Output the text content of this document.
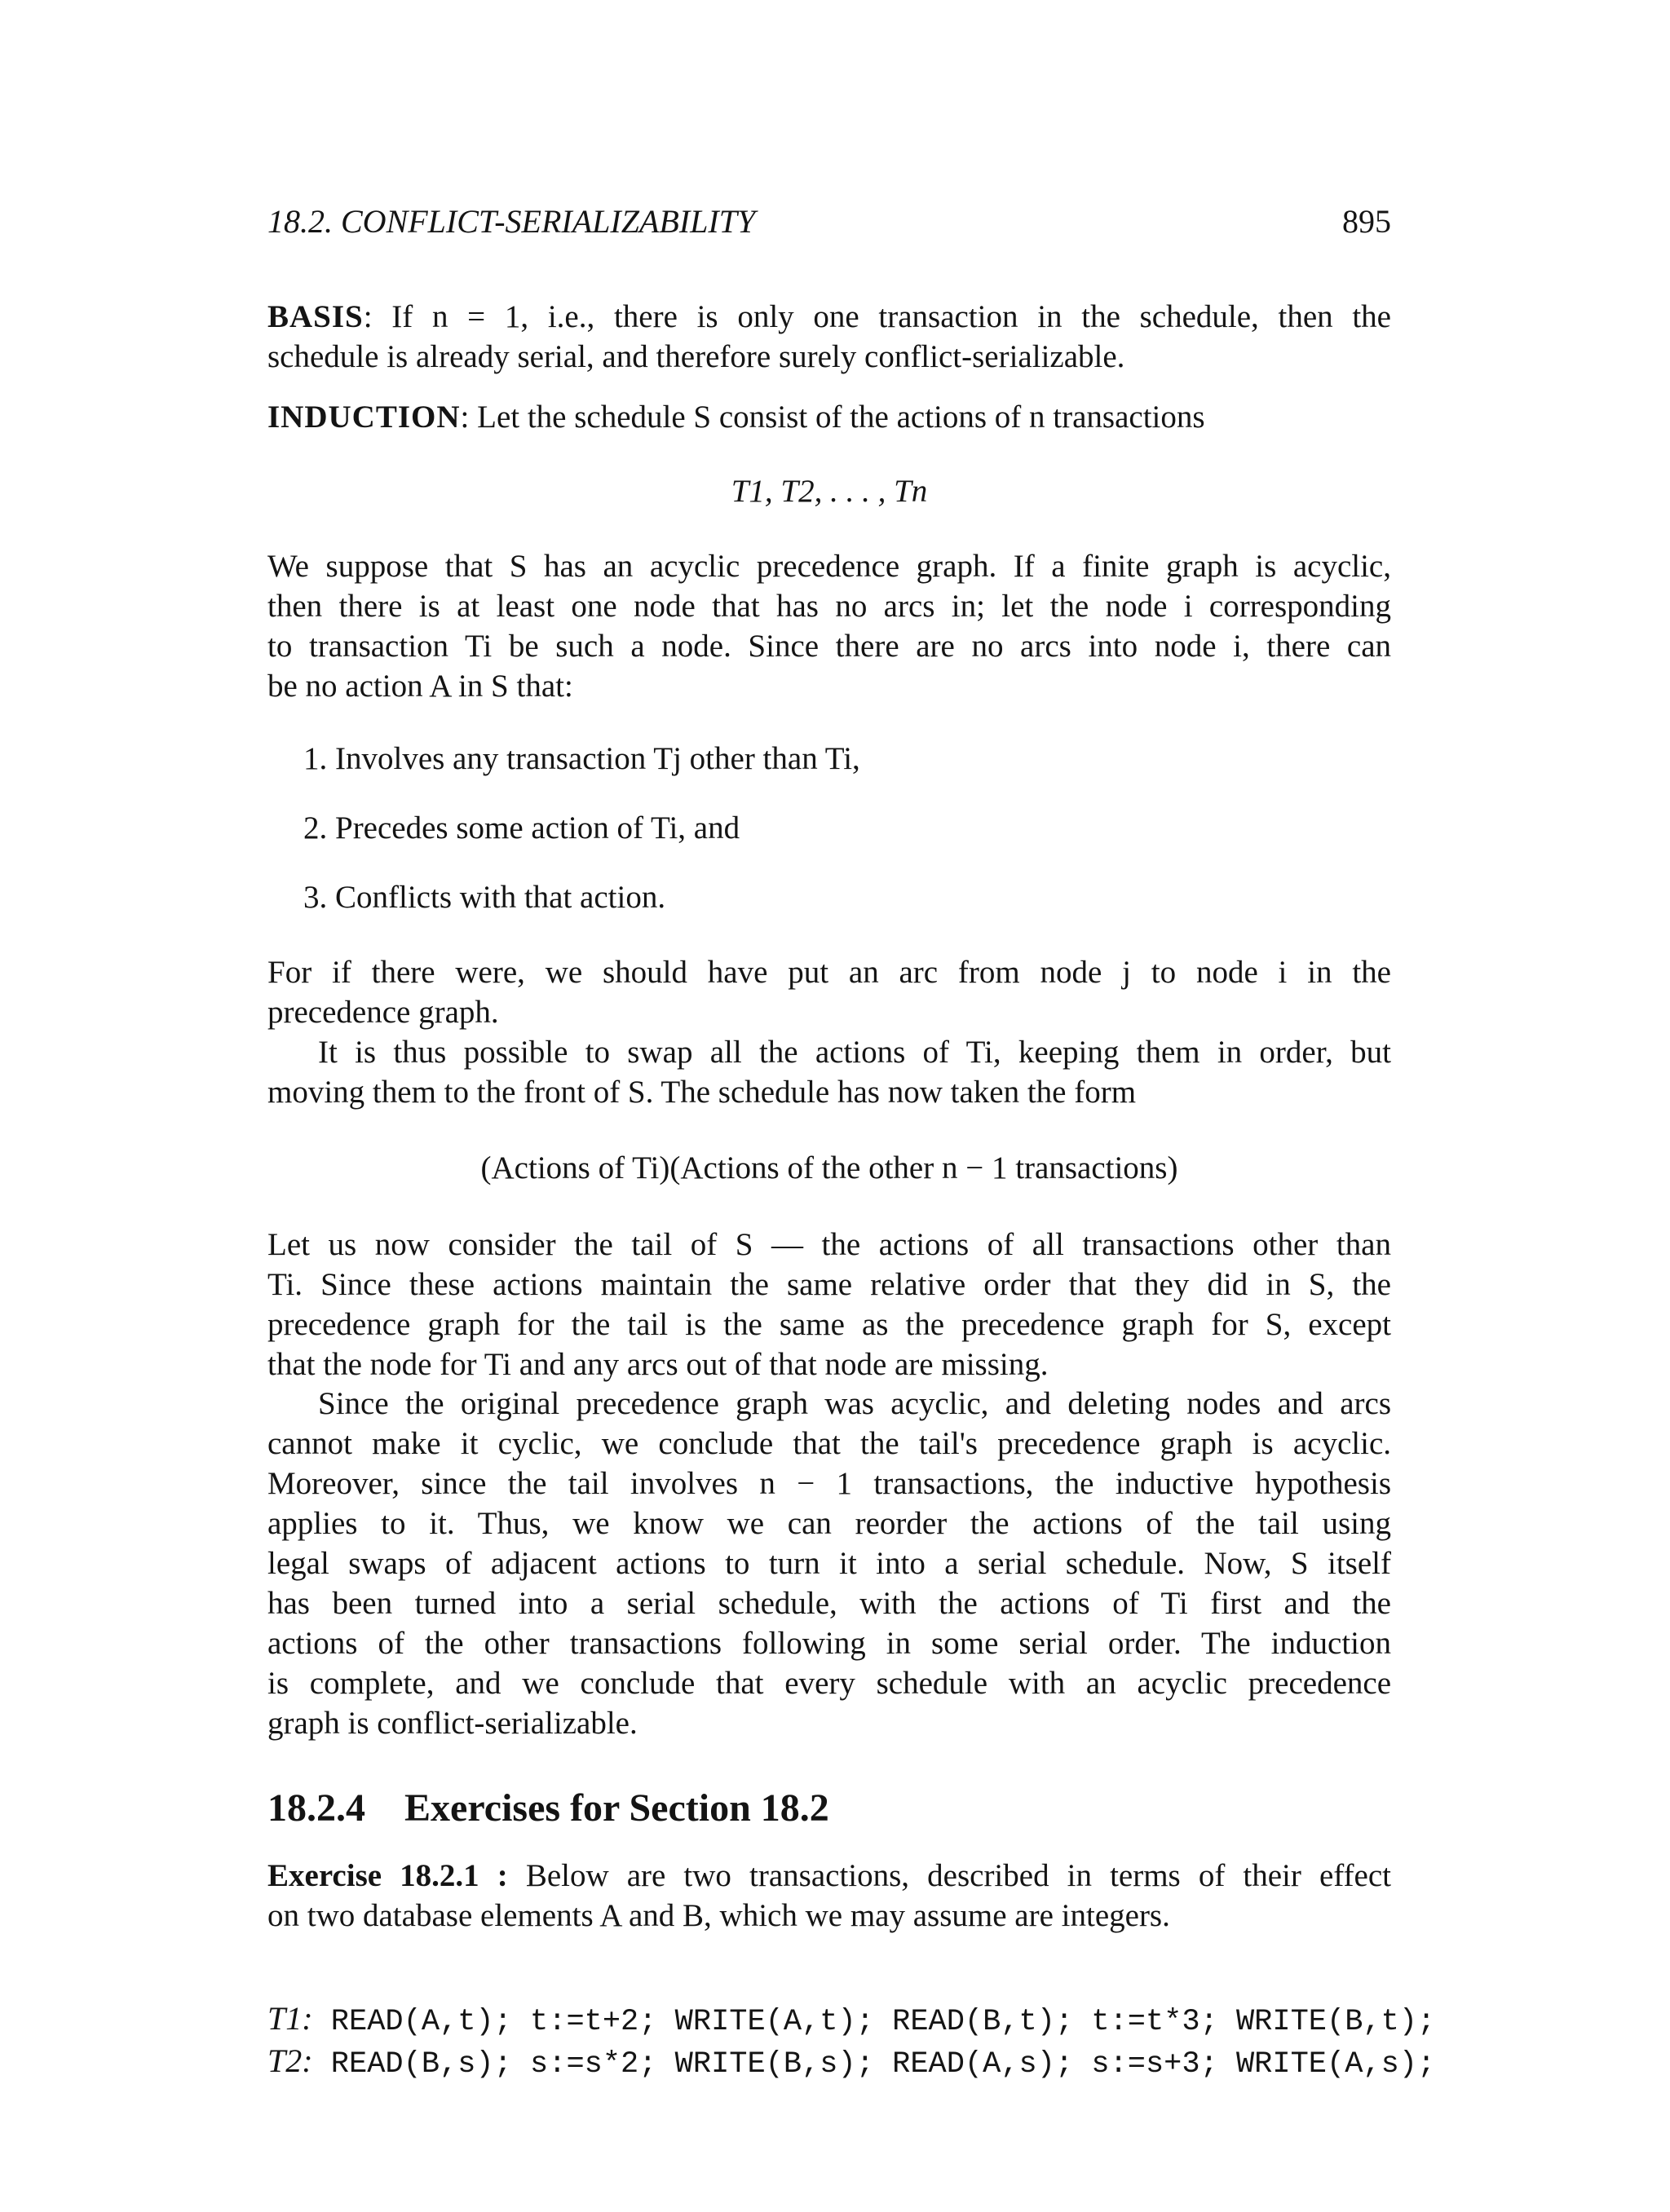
18.2. CONFLICT-SERIALIZABILITY	895
BASIS: If n = 1, i.e., there is only one transaction in the schedule, then the
schedule is already serial, and therefore surely conflict-serializable.
INDUCTION: Let the schedule S consist of the actions of n transactions
T1, T2, . . . , Tn
We suppose that S has an acyclic precedence graph. If a finite graph is acyclic,
then there is at least one node that has no arcs in; let the node i corresponding
to transaction Ti be such a node. Since there are no arcs into node i, there can
be no action A in S that:
1. Involves any transaction Tj other than Ti,
2. Precedes some action of Ti, and
3. Conflicts with that action.
For if there were, we should have put an arc from node j to node i in the
precedence graph.
It is thus possible to swap all the actions of Ti, keeping them in order, but
moving them to the front of S. The schedule has now taken the form
(Actions of Ti)(Actions of the other n − 1 transactions)
Let us now consider the tail of S — the actions of all transactions other than
Ti. Since these actions maintain the same relative order that they did in S, the
precedence graph for the tail is the same as the precedence graph for S, except
that the node for Ti and any arcs out of that node are missing.
Since the original precedence graph was acyclic, and deleting nodes and arcs
cannot make it cyclic, we conclude that the tail's precedence graph is acyclic.
Moreover, since the tail involves n − 1 transactions, the inductive hypothesis
applies to it. Thus, we know we can reorder the actions of the tail using
legal swaps of adjacent actions to turn it into a serial schedule. Now, S itself
has been turned into a serial schedule, with the actions of Ti first and the
actions of the other transactions following in some serial order. The induction
is complete, and we conclude that every schedule with an acyclic precedence
graph is conflict-serializable.
18.2.4 Exercises for Section 18.2
Exercise 18.2.1 : Below are two transactions, described in terms of their effect
on two database elements A and B, which we may assume are integers.
T1: READ(A,t); t:=t+2; WRITE(A,t); READ(B,t); t:=t*3; WRITE(B,t);
T2: READ(B,s); s:=s*2; WRITE(B,s); READ(A,s); s:=s+3; WRITE(A,s);
